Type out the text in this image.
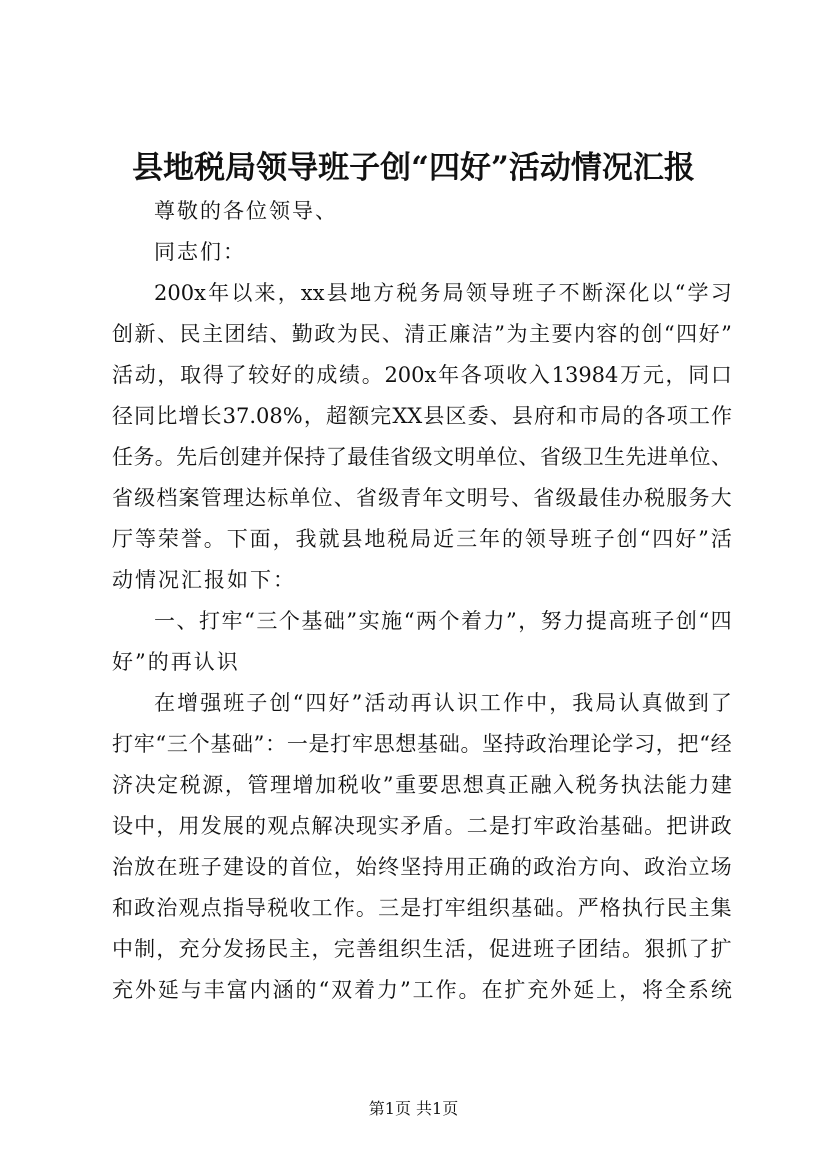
县地税局领导班子创“四好”活动情况汇报
尊 敬 的 各 位 领 导 、
同 志 们 ：
200x 年 以 来 ， xx 县 地 方 税 务 局 领 导 班 子 不 断 深 化 以 “ 学 习
创 新 、 民 主 团 结 、 勤 政 为 民 、 清 正 廉 洁 ” 为 主 要 内 容 的 创 “ 四 好 ”
活 动 ， 取 得 了 较 好 的 成 绩 。 200x 年 各 项 收 入 13984 万 元 ， 同 口
径 同 比 增 长 37.08% ， 超 额 完 XX 县 区 委 、 县 府 和 市 局 的 各 项 工 作
任 务 。 先 后 创 建 并 保 持 了 最 佳 省 级 文 明 单 位 、 省 级 卫 生 先 进 单 位 、
省 级 档 案 管 理 达 标 单 位 、 省 级 青 年 文 明 号 、 省 级 最 佳 办 税 服 务 大
厅 等 荣 誉 。 下 面 ， 我 就 县 地 税 局 近 三 年 的 领 导 班 子 创 “ 四 好 ” 活
动 情 况 汇 报 如 下 ：
一 、 打 牢 “ 三 个 基 础 ” 实 施 “ 两 个 着 力 ” ， 努 力 提 高 班 子 创 “ 四
好 ” 的 再 认 识
在 增 强 班 子 创 “ 四 好 ” 活 动 再 认 识 工 作 中 ， 我 局 认 真 做 到 了
打 牢 “ 三 个 基 础 ” ： 一 是 打 牢 思 想 基 础 。 坚 持 政 治 理 论 学 习 ， 把 “ 经
济 决 定 税 源 ， 管 理 增 加 税 收 ” 重 要 思 想 真 正 融 入 税 务 执 法 能 力 建
设 中 ， 用 发 展 的 观 点 解 决 现 实 矛 盾 。 二 是 打 牢 政 治 基 础 。 把 讲 政
治 放 在 班 子 建 设 的 首 位 ， 始 终 坚 持 用 正 确 的 政 治 方 向 、 政 治 立 场
和 政 治 观 点 指 导 税 收 工 作 。 三 是 打 牢 组 织 基 础 。 严 格 执 行 民 主 集
中 制 ， 充 分 发 扬 民 主 ， 完 善 组 织 生 活 ， 促 进 班 子 团 结 。 狠 抓 了 扩
充 外 延 与 丰 富 内 涵 的 “ 双 着 力 ” 工 作 。 在 扩 充 外 延 上 ， 将 全 系 统
第1页 共1页
